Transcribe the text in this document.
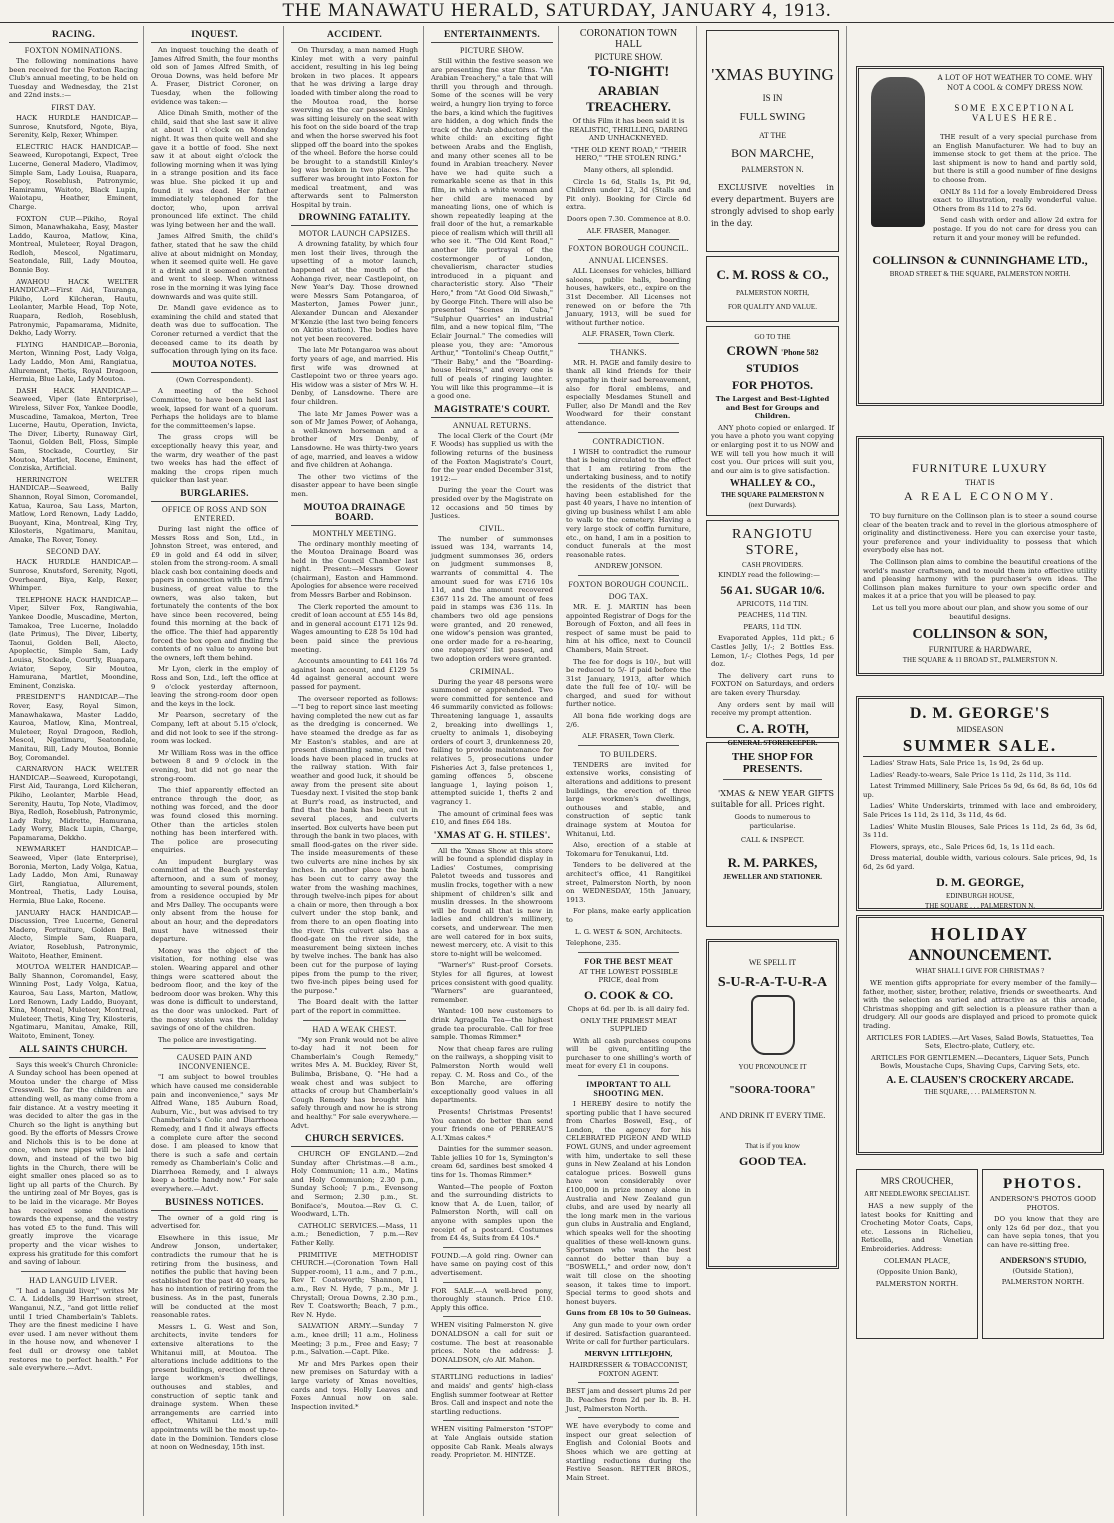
THE MANAWATU HERALD, SATURDAY, JANUARY 4, 1913.
RACING.
FOXTON NOMINATIONS.

The following nominations have been received for the Foxton Racing Club's annual meeting, to be held on Tuesday and Wednesday, the 21st and 22nd insts.:—

FIRST DAY.

HACK HURDLE HANDICAP.—Sunrose, Knutsford, Ngote, Biya, Serenity, Kelp, Rexer, Whimper.

ELECTRIC HACK HANDICAP.—Seaweed, Kuropotangi, Expect, Tree Lucerne, General Madero, Vladimov, Simple Sam, Lady Louisa, Ruapara, Sepoy, Roseblush, Patronymic, Hamiramu, Waitoto, Black Lupin, Waiotapu, Heather, Eminent, Charge.

FOXTON CUP.—Pikiho, Royal Simon, Manawhakaha, Easy, Master Laddo, Kauroa, Matlow, Kina, Montreal, Muleteer, Royal Dragon, Redloh, Mescol, Ngatimaru, Seatondale, Rill, Lady Moutoa, Bonnie Boy.

AWAHOU HACK WELTER HANDICAP.—First Aid, Tauranga, Pikiho, Lord Kilcheran, Hautu, Leolanter, Marble Head, Top Note, Ruapara, Redloh, Roseblush, Patronymic, Papamarama, Midnite, Dekho, Lady Worry.

FLYING HANDICAP.—Boronia, Merton, Winning Post, Lady Volga, Lady Laddo, Mon Ami, Rangiatua, Allurement, Thetis, Royal Dragoon, Hermia, Blue Lake, Lady Moutoa.

DASH HACK HANDICAP.—Seaweed, Viper (late Enterprise), Wireless, Silver Fox, Yankee Doodle, Muscadine, Tamakoa, Merton, Tree Lucerne, Hautu, Operation, Invicta, The Diver, Liberty, Runaway Girl, Taonui, Golden Bell, Floss, Simple Sam, Stockade, Courtley, Sir Moutoa, Martlet, Rocene, Eminent, Conziska, Artificial.

HERRINGTON WELTER HANDICAP.—Seaweed, Bally Shannon, Royal Simon, Coromandel, Katua, Kauroa, Sau Lass, Marton, Matlow, Lord Renown, Lady Laddo, Buoyant, Kina, Montreal, King Try, Kilosteris, Ngatimaru, Manitau, Amake, The Rover, Toney.

SECOND DAY.

HACK HURDLE HANDICAP.—Sunrose, Knutsford, Serenity, Ngoti, Overheard, Biya, Kelp, Rexer, Whimper.

TELEPHONE HACK HANDICAP.—Viper, Silver Fox, Rangiwahia, Yankee Doodle, Muscadine, Merton, Tamakoa, Tree Lucerne, Inoladdo (late Primus), The Diver, Liberty, Taonui, Golden Bell, Alecto, Apoplectic, Simple Sam, Lady Louisa, Stockade, Courtly, Ruapara, Aviator, Sepoy, Sir Moutoa, Hamurana, Martlet, Moondine, Eminent, Conziska.

PRESIDENT'S HANDICAP.—The Rover, Easy, Royal Simon, Manawhakawa, Master Laddo, Kauroa, Matlow, Kina, Montreal, Muleteer, Royal Dragoon, Redloh, Mescol, Ngatimaru, Seatondale, Manitau, Rill, Lady Moutoa, Bonnie Boy, Coromandel.

CARNARVON HACK WELTER HANDICAP.—Seaweed, Kuropotangi, First Aid, Tauranga, Lord Kilcheran, Pikiho, Leolanter, Marble Head, Serenity, Hautu, Top Note, Vladimov, Biya, Redloh, Roseblush, Patronymic, Lady Ruby, Midrette, Hamurana, Lady Worry, Black Lupin, Charge, Papamarama, Dekkho.

NEWMARKET HANDICAP.—Seaweed, Viper (late Enterprise), Boronia, Merton, Lady Volga, Katua, Lady Laddo, Mon Ami, Runaway Girl, Rangiatua, Allurement, Montreal, Thetis, Lady Louisa, Hermia, Blue Lake, Rocene.

JANUARY HACK HANDICAP.—Discussion, Tree Lucerne, General Madero, Fortraiture, Golden Bell, Alecto, Simple Sam, Ruapara, Aviator, Roseblush, Patronymic, Waitoto, Heather, Eminent.

MOUTOA WELTER HANDICAP.—Bally Shannon, Coromandel, Easy, Winning Post, Lady Volga, Katua, Kauroa, Sau Lass, Marton, Matlow, Lord Renown, Lady Laddo, Buoyant, Kina, Montreal, Muleteer, Montreal, Muleteer, Thetis, King Try, Kilosteris, Ngatimaru, Manitau, Amake, Rill, Waitoto, Eminent, Toney.

ALL SAINTS CHURCH.

Says this week's Church Chronicle: A Sunday school has been opened at Moutoa under the charge of Miss Cresswell. So far the children are attending well, as many come from a fair distance. At a vestry meeting it was decided to alter the gas in the Church so the light is anything but good. By the efforts of Messrs Crowe and Nichols this is to be done at once, when new pipes will be laid down, and instead of the two big lights in the Church, there will be eight smaller ones placed so as to light up all parts of the Church. By the untiring zeal of Mr Boyes, gas is to be laid in the vicarage. Mr Boyes has received some donations towards the expense, and the vestry has voted £5 to the fund. This will greatly improve the vicarage property and the vicar wishes to express his gratitude for this comfort and saving of labour.

HAD LANGUID LIVER.

"I had a languid liver," writes Mr C. A. Liddells, 39 Harrison street, Wanganui, N.Z., "and got little relief until I tried Chamberlain's Tablets. They are the finest medicine I have ever used. I am never without them in the house now, and whenever I feel dull or drowsy one tablet restores me to perfect health." For sale everywhere.—Advt.

INQUEST.

An inquest touching the death of James Alfred Smith, the four months old son of James Alfred Smith, of Oroua Downs, was held before Mr A. Fraser, District Coroner, on Tuesday, when the following evidence was taken:—

Alice Dinah Smith, mother of the child, said that she last saw it alive at about 11 o'clock on Monday night. It was then quite well and she gave it a bottle of food. She next saw it at about eight o'clock the following morning when it was lying in a strange position and its face was blue. She picked it up and found it was dead. Her father immediately telephoned for the doctor, who, upon arrival pronounced life extinct. The child was lying between her and the wall.

James Alfred Smith, the child's father, stated that he saw the child alive at about midnight on Monday, when it seemed quite well. He gave it a drink and it seemed contented and went to sleep. When witness rose in the morning it was lying face downwards and was quite still.

Dr. Mandl gave evidence as to examining the child and stated that death was due to suffocation. The Coroner returned a verdict that the deceased came to its death by suffocation through lying on its face.

MOUTOA NOTES.

(Own Correspondent).

A meeting of the School Committee, to have been held last week, lapsed for want of a quorum. Perhaps the holidays are to blame for the committeemen's lapse.

The grass crops will be exceptionally heavy this year, and the warm, dry weather of the past two weeks has had the effect of making the crops ripen much quicker than last year.

BURGLARIES.
OFFICE OF ROSS AND SON ENTERED.

During last night the office of Messrs Ross and Son, Ltd., in Johnston Street, was entered, and £9 in gold and £4 odd in silver, stolen from the strong-room. A small black cash box containing deeds and papers in connection with the firm's business, of great value to the owners, was also taken, but fortunately the contents of the box have since been recovered, being found this morning at the back of the office. The thief had apparently forced the box open and finding the contents of no value to anyone but the owners, left them behind.

Mr Lyon, clerk in the employ of Ross and Son, Ltd., left the office at 9 o'clock yesterday afternoon, leaving the strong-room door open and the keys in the lock.

Mr Pearson, secretary of the Company, left at about 5.15 o'clock, and did not look to see if the strong-room was locked.

Mr William Ross was in the office between 8 and 9 o'clock in the evening, but did not go near the strong-room.

The thief apparently effected an entrance through the door, as nothing was forced, and the door was found closed this morning. Other than the articles stolen nothing has been interfered with. The police are prosecuting enquiries.

An impudent burglary was committed at the Beach yesterday afternoon, and a sum of money, amounting to several pounds, stolen from a residence occupied by Mr and Mrs Dalley. The occupants were only absent from the house for about an hour, and the depredators must have witnessed their departure.

Money was the object of the visitation, for nothing else was stolen. Wearing apparel and other things were scattered about the bedroom floor, and the key of the bedroom door was broken. Why this was done is difficult to understand, as the door was unlocked. Part of the money stolen was the holiday savings of one of the children.

The police are investigating.

CAUSED PAIN AND INCONVENIENCE.

"I am subject to bowel troubles which have caused me considerable pain and inconvenience," says Mr Alfred Wane, 185 Auburn Road, Auburn, Vic., but was advised to try Chamberlain's Colic and Diarrhoea Remedy, and I find it always effects a complete cure after the second dose. I am pleased to know that there is such a safe and certain remedy as Chamberlain's Colic and Diarrhoea Remedy, and I always keep a bottle handy now." For sale everywhere.—Advt.

BUSINESS NOTICES.

The owner of a gold ring is advertised for.

Elsewhere in this issue, Mr Andrew Jonson, undertaker, contradicts the rumour that he is retiring from the business, and notifies the public that having been established for the past 40 years, he has no intention of retiring from the business. As in the past, funerals will be conducted at the most reasonable rates.

Messrs L. G. West and Son, architects, invite tenders for extensive alterations to the Whitanui mill, at Moutoa. The alterations include additions to the present buildings, erection of three large workmen's dwellings, outhouses and stables, and construction of septic tank and drainage system. When these arrangements are carried into effect, Whitanui Ltd.'s mill appointments will be the most up-to-date in the Dominion. Tenders close at noon on Wednesday, 15th inst.

ACCIDENT.

On Thursday, a man named Hugh Kinley met with a very painful accident, resulting in his leg being broken in two places. It appears that he was driving a large dray loaded with timber along the road to the Moutoa road, the horse swerving as the car passed. Kinley was sitting leisurely on the seat with his foot on the side board of the trap and when the horse swerved his foot slipped off the board into the spokes of the wheel. Before the horse could be brought to a standstill Kinley's leg was broken in two places. The sufferer was brought into Foxton for medical treatment, and was afterwards sent to Palmerston Hospital by train.

DROWNING FATALITY.
MOTOR LAUNCH CAPSIZES.

A drowning fatality, by which four men lost their lives, through the upsetting of a motor launch, happened at the mouth of the Aohanga river, near Castlepoint, on New Year's Day. Those drowned were Messrs Sam Potangaroa, of Masterton, James Power junr., Alexander Duncan and Alexander M'Kenzie (the last two being fencers on Akitio station). The bodies have not yet been recovered.

The late Mr Potangaroa was about forty years of age, and married. His first wife was drowned at Castlepoint two or three years ago. His widow was a sister of Mrs W. H. Denby, of Lansdowne. There are four children.

The late Mr James Power was a son of Mr James Power, of Aohanga, a well-known horseman and a brother of Mrs Denby, of Lansdowne. He was thirty-two years of age, married, and leaves a widow and five children at Aohanga.

The other two victims of the disaster appear to have been single men.

MOUTOA DRAINAGE BOARD.
MONTHLY MEETING.

The ordinary monthly meeting of the Moutoa Drainage Board was held in the Council Chamber last night. Present:—Messrs Gower (chairman), Easton and Hammond. Apologies for absence were received from Messrs Barber and Robinson.

The Clerk reported the amount to credit of loan account at £55 14s 8d, and in general account £171 12s 9d. Wages amounting to £28 5s 10d had been paid since the previous meeting.

Accounts amounting to £41 16s 7d against loan account, and £129 5s 4d against general account were passed for payment.

The overseer reported as follows:—"I beg to report since last meeting having completed the new cut as far as the dredging is concerned. We have steamed the dredge as far as Mr Easton's stables, and are at present dismantling same, and two loads have been placed in trucks at the railway station. With fair weather and good luck, it should be away from the present site about Tuesday next. I visited the stop bank at Burr's road, as instructed, and find that the bank has been cut in several places, and culverts inserted. Box culverts have been put through the bank in two places, with small flood-gates on the river side. The inside measurements of these two culverts are nine inches by six inches. In another place the bank has been cut to carry away the water from the washing machines, through twelve-inch pipes for about a chain or more, then through a box culvert under the stop bank, and from there to an open floating into the river. This culvert also has a flood-gate on the river side, the measurement being sixteen inches by twelve inches. The bank has also been cut for the purpose of laying pipes from the pump to the river, two five-inch pipes being used for the purpose."

The Board dealt with the latter part of the report in committee.

HAD A WEAK CHEST.

"My son Frank would not be alive to-day had it not been for Chamberlain's Cough Remedy," writes Mrs A. M. Buckley, River St, Bulimba, Brisbane, Q. "He had a weak chest and was subject to attacks of croup but Chamberlain's Cough Remedy has brought him safely through and now he is strong and healthy." For sale everywhere.—Advt.

CHURCH SERVICES.

CHURCH OF ENGLAND.—2nd Sunday after Christmas.—8 a.m., Holy Communion; 11 a.m., Matins and Holy Communion; 2.30 p.m., Sunday School; 7 p.m., Evensong and Sermon; 2.30 p.m., St. Boniface's, Moutoa.—Rev G. C. Woodward, L.Th.

CATHOLIC SERVICES.—Mass, 11 a.m.; Benediction, 7 p.m.—Rev Father Kelly.

PRIMITIVE METHODIST CHURCH.—(Coronation Town Hall Supper-room), 11 a.m., and 7 p.m., Rev T. Coatsworth; Shannon, 11 a.m., Rev N. Hyde, 7 p.m., Mr J. Chrystall; Oroua Downs, 2.30 p.m., Rev T. Coatsworth; Beach, 7 p.m., Rev N. Hyde.

SALVATION ARMY.—Sunday 7 a.m., knee drill; 11 a.m., Holiness Meeting; 3 p.m., Free and Easy; 7 p.m., Salvation.—Capt. Pike.

Mr and Mrs Parkes open their new premises on Saturday with a large variety of Xmas novelties, cards and toys. Holly Leaves and Foxes Annual now on sale. Inspection invited.*

ENTERTAINMENTS.
PICTURE SHOW.

Still within the festive season we are presenting fine star films. "An Arabian Treachery," a tale that will thrill you through and through. Some of the scenes will be very weird, a hungry lion trying to force the bars, a kind which the fugitives are hidden, a dog which finds the track of the Arab abductors of the white child: an exciting fight between Arabs and the English, and many other scenes all to be found in Arabian treachery. Never have we had quite such a remarkable scene as that in this film, in which a white woman and her child are menaced by maneating lions, one of which is shown repeatedly leaping at the frail door of the hut, a remarkable piece of realism which will thrill all who see it. "The Old Kent Road," another life portrayal of the costermonger of London, chevalierism, character studies introduced in a piquant and characteristic story. Also "Their Hero," from "At Good Old Siwash," by George Fitch. There will also be presented "Scenes in Cuba," "Sulphur Quarries" an industrial film, and a new topical film, "The Eclair Journal." The comedies will please you, they are: "Amorous Arthur," "Tontolini's Cheap Outfit," "Their Baby," and the "Boarding-house Heiress," and every one is full of peals of ringing laughter. You will like this programme—it is a good one.

MAGISTRATE'S COURT.
ANNUAL RETURNS.

The local Clerk of the Court (Mr F. Woods) has supplied us with the following returns of the business of the Foxton Magistrate's Court, for the year ended December 31st, 1912:—

During the year the Court was presided over by the Magistrate on 12 occasions and 50 times by Justices.

CIVIL.

The number of summonses issued was 134, warrants 14, judgment summonses 36, orders on judgment summonses 8, warrants of committal 4. The amount sued for was £716 10s 11d, and the amount recovered £367 11s 2d. The amount of fees paid in stamps was £36 11s. In chambers two old age pensions were granted, and 20 renewed, one widow's pension was granted, one order made for a re-hearing, one ratepayers' list passed, and two adoption orders were granted.

CRIMINAL.

During the year 48 persons were summoned or apprehended. Two were committed for sentence and 46 summarily convicted as follows: Threatening language 1, assaults 2, breaking into dwellings 1, cruelty to animals 1, disobeying orders of court 3, drunkenness 20, failing to provide maintenance for relatives 5, prosecutions under Fisheries Act 3, false pretences 1, gaming offences 5, obscene language 1, laying poison 1, attempted suicide 1, thefts 2 and vagrancy 1.

The amount of criminal fees was £10, and fines £64 18s.

'XMAS AT G. H. STILES'.

All the 'Xmas Show at this store will be found a splendid display in Ladies' Costumes, comprising Paletot tweeds and tussores and muslin frocks, together with a new shipment of children's silk and muslin dresses. In the showroom will be found all that is new in ladies and children's millinery, corsets, and underwear. The men are well catered for in box suits, newest mercery, etc. A visit to this store to-night will be welcomed.

"Warner's" Rust-proof Corsets. Styles for all figures, at lowest prices consistent with good quality. "Warners" are guaranteed, remember.

Wanted: 100 new customers to drink Agragella Tea—the highest grade tea procurable. Call for free sample. Thomas Rimmer.*

Now that cheap fares are ruling on the railways, a shopping visit to Palmerston North would well repay. C. M. Ross and Co., of the Bon Marche, are offering exceptionally good values in all departments.

Presents! Christmas Presents! You cannot do better than send your friends one of PERREAU'S A.I.'Xmas cakes.*

Dainties for the summer season. Table jellies 10 for 1s, Symington's cream 6d, sardines best smoked 4 tins for 1s. Thomas Rimmer.*

Wanted—The people of Foxton and the surrounding districts to know that A. de Luen, tailor, of Palmerston North, will call on anyone with samples upon the receipt of a postcard. Costumes from £4 4s, Suits from £4 10s.*

FOUND.—A gold ring. Owner can have same on paying cost of this advertisement.

FOR SALE.—A well-bred pony, thoroughly staunch. Price £10. Apply this office.

WHEN visiting Palmerston N. give DONALDSON a call for suit or costume. The best at reasonable prices. Note the address: J. DONALDSON, c/o Alf. Mahon.

STARTLING reductions in ladies' and maids' and gents' high-class English summer footwear at Retter Bros. Call and inspect and note the startling reductions.

WHEN visiting Palmerston "STOP" at Yale Anglais outside station opposite Cab Rank. Meals always ready. Proprietor. M. HINTZE.

CORONATION TOWN HALL
PICTURE SHOW.
TO-NIGHT!
ARABIAN TREACHERY.

Of this Film it has been said it is REALISTIC, THRILLING, DARING AND UNHACKNEYED.

"THE OLD KENT ROAD," "THEIR HERO," "THE STOLEN RING."

Many others, all splendid.

Circle 1s 6d, Stalls 1s, Pit 9d, Children under 12, 3d (Stalls and Pit only). Booking for Circle 6d extra.

Doors open 7.30. Commence at 8.0.

ALF. FRASER, Manager.

FOXTON BOROUGH COUNCIL.
ANNUAL LICENSES.

ALL Licenses for vehicles, billiard saloons, public halls, boarding houses, hawkers, etc., expire on the 31st December. All Licenses not renewed on or before the 7th January, 1913, will be sued for without further notice.

ALF. FRASER, Town Clerk.

THANKS.

MR. H. PAGE and family desire to thank all kind friends for their sympathy in their sad bereavement, also for floral emblems, and especially Mesdames Stunell and Fuller, also Dr Mandl and the Rev Woodward for their constant attendance.

CONTRADICTION.

I WISH to contradict the rumour that is being circulated to the effect that I am retiring from the undertaking business, and to notify the residents of the district that having been established for the past 40 years, I have no intention of giving up business whilst I am able to walk to the cemetery. Having a very large stock of coffin furniture, etc., on hand, I am in a position to conduct funerals at the most reasonable rates.

ANDREW JONSON.

FOXTON BOROUGH COUNCIL.
DOG TAX.

MR. E. J. MARTIN has been appointed Registrar of Dogs for the Borough of Foxton, and all fees in respect of same must be paid to him at his office, next to Council Chambers, Main Street.

The fee for dogs is 10/-, but will be reduced to 5/- if paid before the 31st January, 1913, after which date the full fee of 10/- will be charged, and sued for without further notice.

All bona fide working dogs are 2/6.

ALF. FRASER, Town Clerk.

TO BUILDERS.

TENDERS are invited for extensive works, consisting of alterations and additions to present buildings, the erection of three large workmen's dwellings, outhouses and stable, and construction of septic tank drainage system at Moutoa for Whitanui, Ltd.

Also, erection of a stable at Tokomaru for Tenukanui, Ltd.

Tenders to be delivered at the architect's office, 41 Rangitikei street, Palmerston North, by noon on WEDNESDAY, 15th January, 1913.

For plans, make early application to

L. G. WEST & SON, Architects.

Telephone, 235.

FOR THE BEST MEAT

AT THE LOWEST POSSIBLE PRICE, deal from

O. COOK & CO.

Chops at 6d. per lb. is all dairy fed.

ONLY THE PRIMEST MEAT SUPPLIED

With all cash purchases coupons will be given, entitling the purchaser to one shilling's worth of meat for every £1 in coupons.

IMPORTANT TO ALL SHOOTING MEN.

I HEREBY desire to notify the sporting public that I have secured from Charles Boswell, Esq., of London, the agency for his CELEBRATED PIGEON AND WILD FOWL GUNS, and under agreement with him, undertake to sell these guns in New Zealand at his London catalogue prices. Boswell guns have won considerably over £100,000 in prize money alone in Australia and New Zealand gun clubs, and are used by nearly all the long mark men in the various gun clubs in Australia and England, which speaks well for the shooting qualities of these well-known guns. Sportsmen who want the best cannot do better than buy a "BOSWELL," and order now, don't wait till close on the shooting season, it takes time to import. Special terms to good shots and honest buyers.

Guns from £8 10s to 50 Guineas.

Any gun made to your own order if desired. Satisfaction guaranteed. Write or call for further particulars.

MERVYN LITTLEJOHN,

HAIRDRESSER & TOBACCONIST, FOXTON AGENT.

BEST jam and dessert plums 2d per lb. Peaches from 2d per lb. B. H. Just, Palmerston North.

WE have everybody to come and inspect our great selection of English and Colonial Boots and Shoes which we are getting at startling reductions during the Festive Season. RETTER BROS., Main Street.

'XMAS BUYING
IS IN
FULL SWING
AT THE
BON MARCHE,
PALMERSTON N.

EXCLUSIVE novelties in every department. Buyers are strongly advised to shop early in the day.

C. M. ROSS & CO.,
PALMERSTON NORTH,
FOR QUALITY AND VALUE.
GO TO THE
CROWN 'Phone 582
STUDIOS
FOR PHOTOS.

The Largest and Best-Lighted and Best for Groups and Children.

ANY photo copied or enlarged. If you have a photo you want copying or enlarging post it to us NOW and WE will tell you how much it will cost you. Our prices will suit you, and our aim is to give satisfaction.

WHALLEY & CO.,
THE SQUARE PALMERSTON N
(next Durwards).
RANGIOTU STORE,
CASH PROVIDERS.

KINDLY read the following:—

56 A1. SUGAR 10/6.

APRICOTS, 11d TIN.

PEACHES, 11d TIN.

PEARS, 11d TIN.

Evaporated Apples, 11d pkt.; 6 Castles Jelly, 1/-; 2 Bottles Ess. Lemon, 1/-; Clothes Pegs, 1d per doz.

The delivery cart runs to FOXTON on Saturdays, and orders are taken every Thursday.

Any orders sent by mail will receive my prompt attention.

C. A. ROTH,
GENERAL STOREKEEPER.
THE SHOP FOR PRESENTS.

'XMAS & NEW YEAR GIFTS suitable for all. Prices right.

Goods to numerous to particularise.

CALL & INSPECT.

R. M. PARKES,
JEWELLER AND STATIONER.
WE SPELL IT
S-U-R-A-T-U-R-A
YOU PRONOUNCE IT
"SOORA-TOORA"
AND DRINK IT EVERY TIME.
That is if you know
GOOD TEA.

A LOT OF HOT WEATHER TO COME. WHY NOT A COOL & COMFY DRESS NOW.

SOME EXCEPTIONAL VALUES HERE.

THE result of a very special purchase from an English Manufacturer. We had to buy an immense stock to get them at the price. The last shipment is now to hand and partly sold, but there is still a good number of fine designs to choose from.

ONLY 8s 11d for a lovely Embroidered Dress exact to illustration, really wonderful value. Others from 8s 11d to 27s 6d.

Send cash with order and allow 2d extra for postage. If you do not care for dress you can return it and your money will be refunded.

COLLINSON & CUNNINGHAME LTD.,
BROAD STREET & THE SQUARE, PALMERSTON NORTH.
FURNITURE LUXURY
THAT IS
A REAL ECONOMY.

TO buy furniture on the Collinson plan is to steer a sound course clear of the beaten track and to revel in the glorious atmosphere of originality and distinctiveness. Here you can exercise your taste, your preference and your individuality to possess that which everybody else has not.

The Collinson plan aims to combine the beautiful creations of the world's master craftsmen, and to mould them into effective utility and pleasing harmony with the purchaser's own ideas. The Collinson plan makes furniture to your own specific order and makes it at a price that you will be pleased to pay.

Let us tell you more about our plan, and show you some of our beautiful designs.

COLLINSON & SON,
FURNITURE & HARDWARE,
THE SQUARE & 11 BROAD ST., PALMERSTON N.
D. M. GEORGE'S
MIDSEASON
SUMMER SALE.

Ladies' Straw Hats, Sale Price 1s, 1s 9d, 2s 6d up.

Ladies' Ready-to-wears, Sale Price 1s 11d, 2s 11d, 3s 11d.

Latest Trimmed Millinery, Sale Prices 5s 9d, 6s 6d, 8s 6d, 10s 6d up.

Ladies' White Underskirts, trimmed with lace and embroidery, Sale Prices 1s 11d, 2s 11d, 3s 11d, 4s 6d.

Ladies' White Muslin Blouses, Sale Prices 1s 11d, 2s 6d, 3s 6d, 3s 11d.

Flowers, sprays, etc., Sale Prices 6d, 1s, 1s 11d each.

Dress material, double width, various colours. Sale prices, 9d, 1s 6d, 2s 6d yard.

D. M. GEORGE,
EDINBURGH HOUSE,
THE SQUARE . . . PALMERSTON N.
HOLIDAY
ANNOUNCEMENT.
WHAT SHALL I GIVE FOR CHRISTMAS ?

WE mention gifts appropriate for every member of the family—father, mother, sister, brother, relative, friends or sweethearts. And with the selection as varied and attractive as at this arcade, Christmas shopping and gift selection is a pleasure rather than a drudgery. All our goods are displayed and priced to promote quick trading.

ARTICLES FOR LADIES.—Art Vases, Salad Bowls, Statuettes, Tea Sets, Electro-plate, Cutlery, etc.

ARTICLES FOR GENTLEMEN.—Decanters, Liquer Sets, Punch Bowls, Moustache Cups, Shaving Cups, Carving Sets, etc.

A. E. CLAUSEN'S CROCKERY ARCADE.
THE SQUARE, . . . PALMERSTON N.
MRS CROUCHER,
ART NEEDLEWORK SPECIALIST.

HAS a new supply of the latest books for Knitting and Crocheting Motor Coats, Caps, etc. Lessons in Richelieu, Reticella, and Venetian Embroideries. Address:

COLEMAN PLACE,

(Opposite Union Bank),

PALMERSTON NORTH.

PHOTOS.

ANDERSON'S PHOTOS GOOD PHOTOS.

DO you know that they are only 12s 6d per doz., that you can have sepia tones, that you can have re-sitting free.

ANDERSON'S STUDIO,

(Outside Station),

PALMERSTON NORTH.
